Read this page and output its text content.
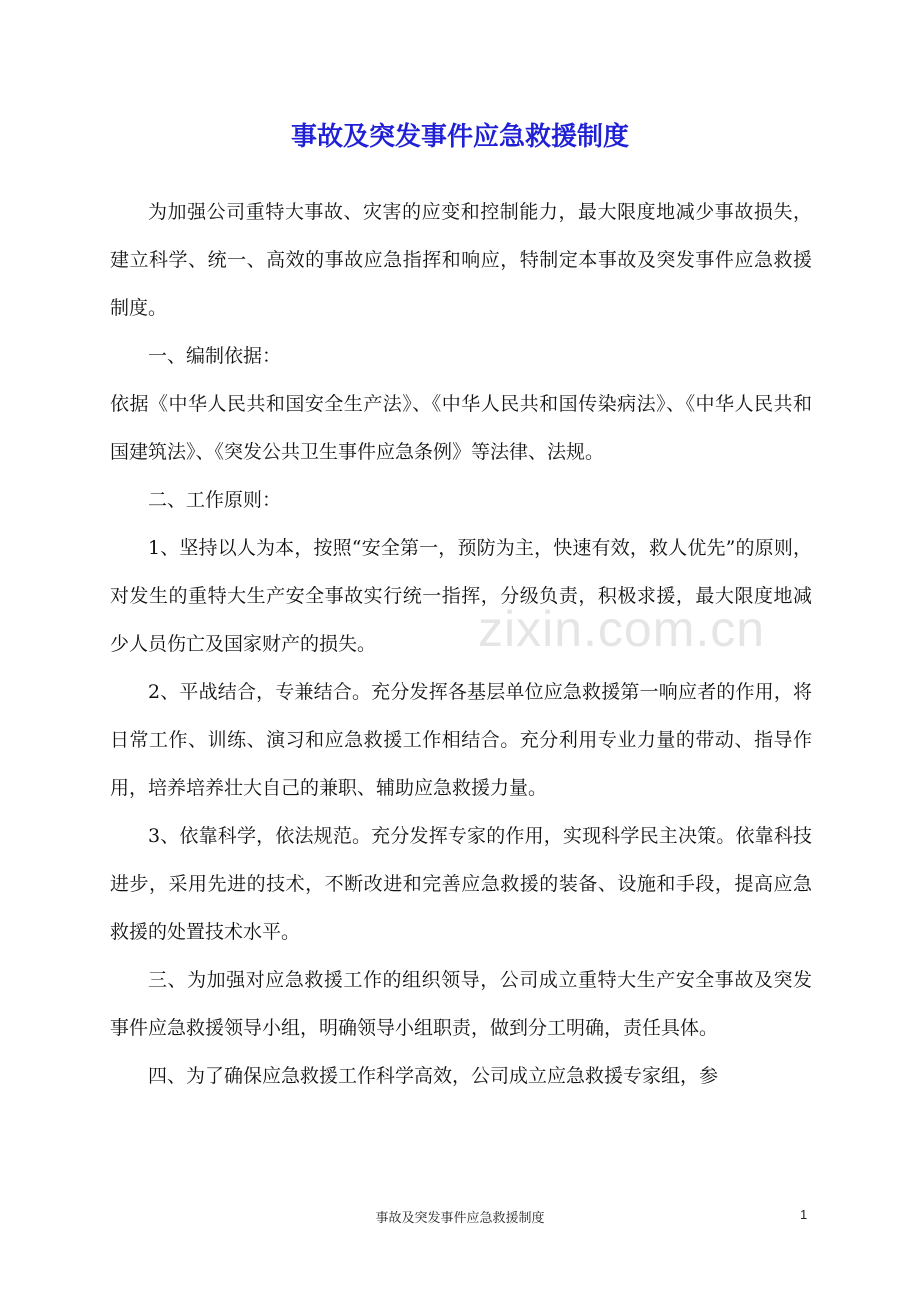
事故及突发事件应急救援制度

为加强公司重特大事故、灾害的应变和控制能力，最大限度地减少事故损失，建立科学、统一、高效的事故应急指挥和响应，特制定本事故及突发事件应急救援制度。

一、编制依据：

依据《中华人民共和国安全生产法》、《中华人民共和国传染病法》、《中华人民共和国建筑法》、《突发公共卫生事件应急条例》等法律、法规。

二、工作原则：

1、坚持以人为本，按照“安全第一，预防为主，快速有效，救人优先”的原则，对发生的重特大生产安全事故实行统一指挥，分级负责，积极求援，最大限度地减少人员伤亡及国家财产的损失。

2、平战结合，专兼结合。充分发挥各基层单位应急救援第一响应者的作用，将日常工作、训练、演习和应急救援工作相结合。充分利用专业力量的带动、指导作用，培养培养壮大自己的兼职、辅助应急救援力量。

3、依靠科学，依法规范。充分发挥专家的作用，实现科学民主决策。依靠科技进步，采用先进的技术，不断改进和完善应急救援的装备、设施和手段，提高应急救援的处置技术水平。

三、为加强对应急救援工作的组织领导，公司成立重特大生产安全事故及突发事件应急救援领导小组，明确领导小组职责，做到分工明确，责任具体。

四、为了确保应急救援工作科学高效，公司成立应急救援专家组，参

zixin.com.cn
事故及突发事件应急救援制度	1
